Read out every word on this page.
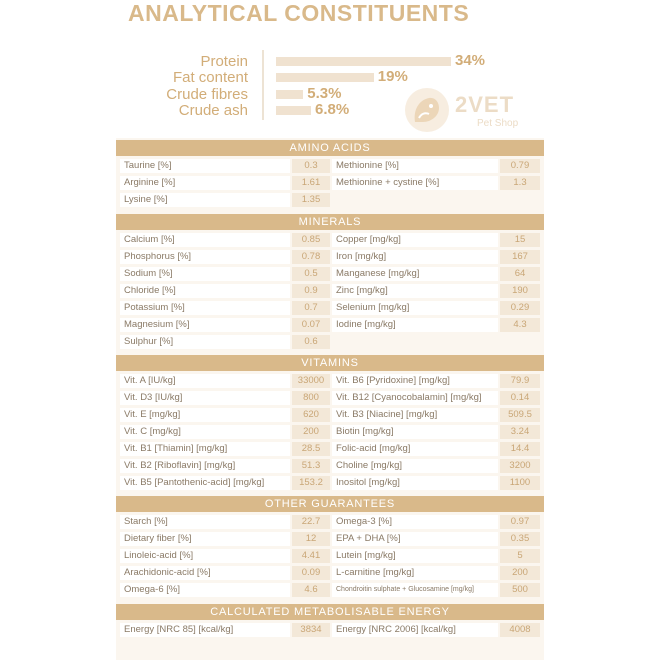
ANALYTICAL CONSTITUENTS
Protein	34%
Fat content	19%
Crude fibres	5.3%
Crude ash	6.8%	2VET
Pet Shop
AMINO ACIDS
Taurine [%]	0.3	Methionine [%]	0.79
Arginine [%]	1.61	Methionine + cystine [%]	1.3
Lysine [%]	1.35
MINERALS
Calcium [%]	0.85	Copper [mg/kg]	15
Phosphorus [%]	0.78	Iron [mg/kg]	167
Sodium [%]	0.5	Manganese [mg/kg]	64
Chloride [%]	0.9	Zinc [mg/kg]	190
Potassium [%]	0.7	Selenium [mg/kg]	0.29
Magnesium [%]	0.07	Iodine [mg/kg]	4.3
Sulphur [%]	0.6
VITAMINS
Vit. A [IU/kg]	33000	Vit. B6 [Pyridoxine] [mg/kg]	79.9
Vit. D3 [IU/kg]	800	Vit. B12 [Cyanocobalamin] [mg/kg]	0.14
Vit. E [mg/kg]	620	Vit. B3 [Niacine] [mg/kg]	509.5
Vit. C [mg/kg]	200	Biotin [mg/kg]	3.24
Vit. B1 [Thiamin] [mg/kg]	28.5	Folic-acid [mg/kg]	14.4
Vit. B2 [Riboflavin] [mg/kg]	51.3	Choline [mg/kg]	3200
Vit. B5 [Pantothenic-acid] [mg/kg]	153.2	Inositol [mg/kg]	1100
OTHER GUARANTEES
Starch [%]	22.7	Omega-3 [%]	0.97
Dietary fiber [%]	12	EPA + DHA [%]	0.35
Linoleic-acid [%]	4.41	Lutein [mg/kg]	5
Arachidonic-acid [%]	0.09	L-carnitine [mg/kg]	200
Omega-6 [%]	4.6	Chondroitin sulphate + Glucosamine [mg/kg]	500
CALCULATED METABOLISABLE ENERGY
Energy [NRC 85] [kcal/kg]	3834	Energy [NRC 2006] [kcal/kg]	4008
